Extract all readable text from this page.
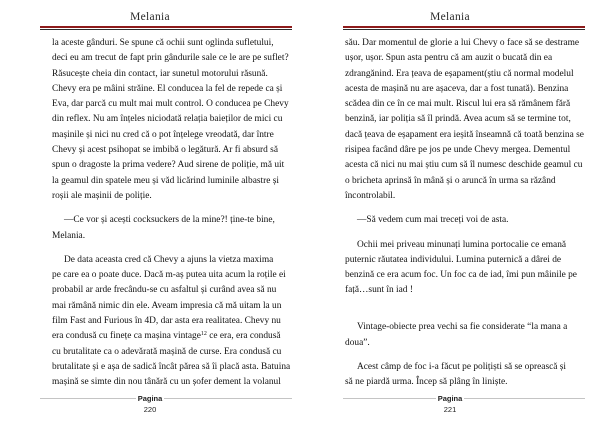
Melania
la aceste gânduri. Se spune că ochii sunt oglinda sufletului,
deci eu am trecut de fapt prin gândurile sale ce le are pe suflet?
Răsucește cheia din contact, iar sunetul motorului răsună.
Chevy era pe mâini străine. El conducea la fel de repede ca și
Eva, dar parcă cu mult mai mult control. O conducea pe Chevy
din reflex. Nu am înțeles niciodată relația baieților de mici cu
mașinile și nici nu cred că o pot înțelege vreodată, dar între
Chevy și acest psihopat se imbibă o legătură. Ar fi absurd să
spun o dragoste la prima vedere? Aud sirene de poliție, mă uit
la geamul din spatele meu și văd licărind luminile albastre și
roșii ale mașinii de poliție.
—Ce vor și acești cocksuckers de la mine?! ține-te bine,
Melania.
De data aceasta cred că Chevy a ajuns la vietza maxima
pe care ea o poate duce. Dacă m-aș putea uita acum la roțile ei
probabil ar arde frecându-se cu asfaltul și curând avea să nu
mai rămână nimic din ele. Aveam impresia că mă uitam la un
film Fast and Furious în 4D, dar asta era realitatea. Chevy nu
era condusă cu finețe ca mașina vintage$^{12}$ ce era, era condusă
cu brutalitate ca o adevărată mașină de curse. Era condusă cu
brutalitate și e așa de sadică încât părea să îi placă asta. Batuina
mașină se simte din nou tânără cu un șofer dement la volanul
Pagina
220
Melania
său. Dar momentul de glorie a lui Chevy o face să se destrame
ușor, ușor. Spun asta pentru că am auzit o bucată din ea
zdrangănind. Era țeava de eșapament(știu că normal modelul
acesta de mașină nu are așaceva, dar a fost tunată). Benzina
scădea din ce în ce mai mult. Riscul lui era să rămânem fără
benzină, iar poliția să îl prindă. Avea acum să se termine tot,
dacă țeava de eșapament era ieșită înseamnă că toată benzina se
risipea facând dâre pe jos pe unde Chevy mergea. Dementul
acesta că nici nu mai știu cum să îl numesc deschide geamul cu
o bricheta aprinsă în mână și o aruncă în urma sa răzând
încontrolabil.
—Să vedem cum mai treceți voi de asta.
Ochii mei priveau minunați lumina portocalie ce emană
puternic răutatea individului. Lumina puternică a dârei de
benzină ce era acum foc. Un foc ca de iad, îmi pun mâinile pe
față…sunt în iad !
Vintage-obiecte prea vechi sa fie considerate “la mana a
doua”.
Acest câmp de foc i-a făcut pe polițiști să se oprească și
să ne piardă urma. Încep să plâng în liniște.
Pagina
221
